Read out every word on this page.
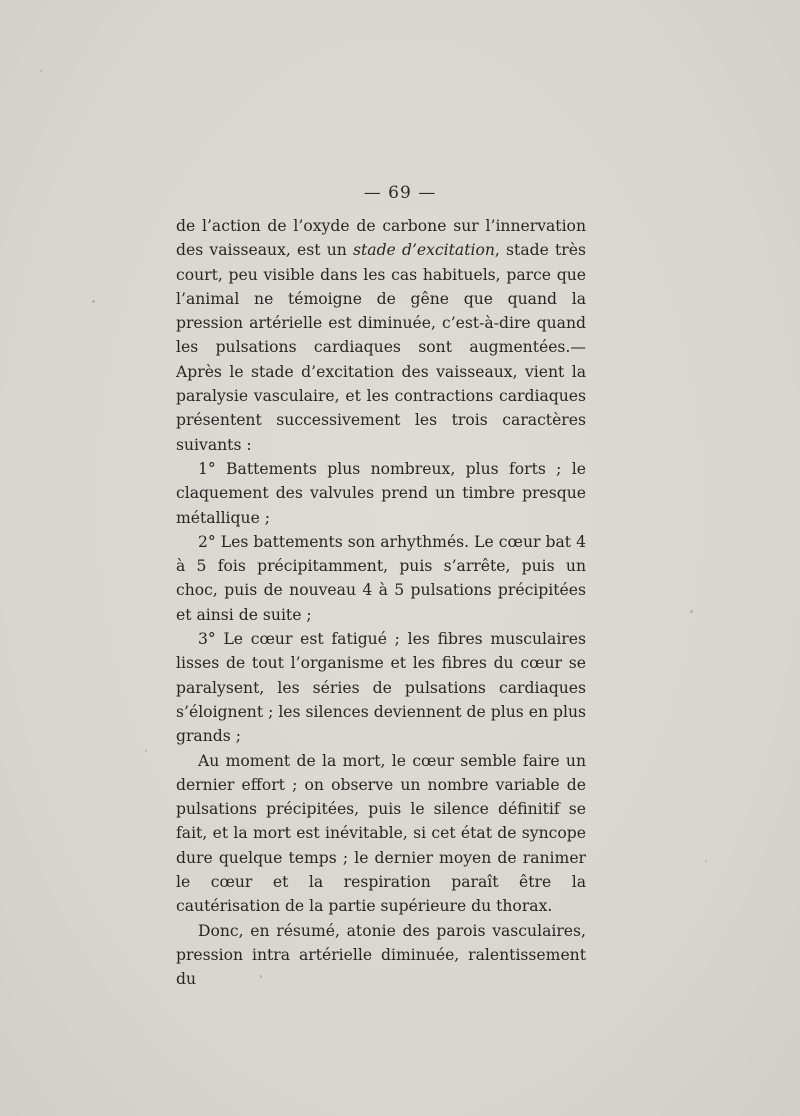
— 69 —

de l’action de l’oxyde de carbone sur l’innervation des vaisseaux, est un stade d’excitation, stade très court, peu visible dans les cas habituels, parce que l’animal ne témoigne de gêne que quand la pression artérielle est diminuée, c’est-à-dire quand les pulsations cardiaques sont augmentées.— Après le stade d’excitation des vaisseaux, vient la paralysie vasculaire, et les contractions cardiaques présentent successivement les trois caractères suivants :

1° Battements plus nombreux, plus forts ; le claquement des valvules prend un timbre presque métallique ;

2° Les battements son arhythmés. Le cœur bat 4 à 5 fois précipitamment, puis s’arrête, puis un choc, puis de nouveau 4 à 5 pulsations précipitées et ainsi de suite ;

3° Le cœur est fatigué ; les fibres musculaires lisses de tout l’organisme et les fibres du cœur se paralysent, les séries de pulsations cardiaques s’éloignent ; les silences deviennent de plus en plus grands ;

Au moment de la mort, le cœur semble faire un dernier effort ; on observe un nombre variable de pulsations précipitées, puis le silence définitif se fait, et la mort est inévitable, si cet état de syncope dure quelque temps ; le dernier moyen de ranimer le cœur et la respiration paraît être la cautérisation de la partie supérieure du thorax.

Donc, en résumé, atonie des parois vasculaires, pression intra artérielle diminuée, ralentissement du
